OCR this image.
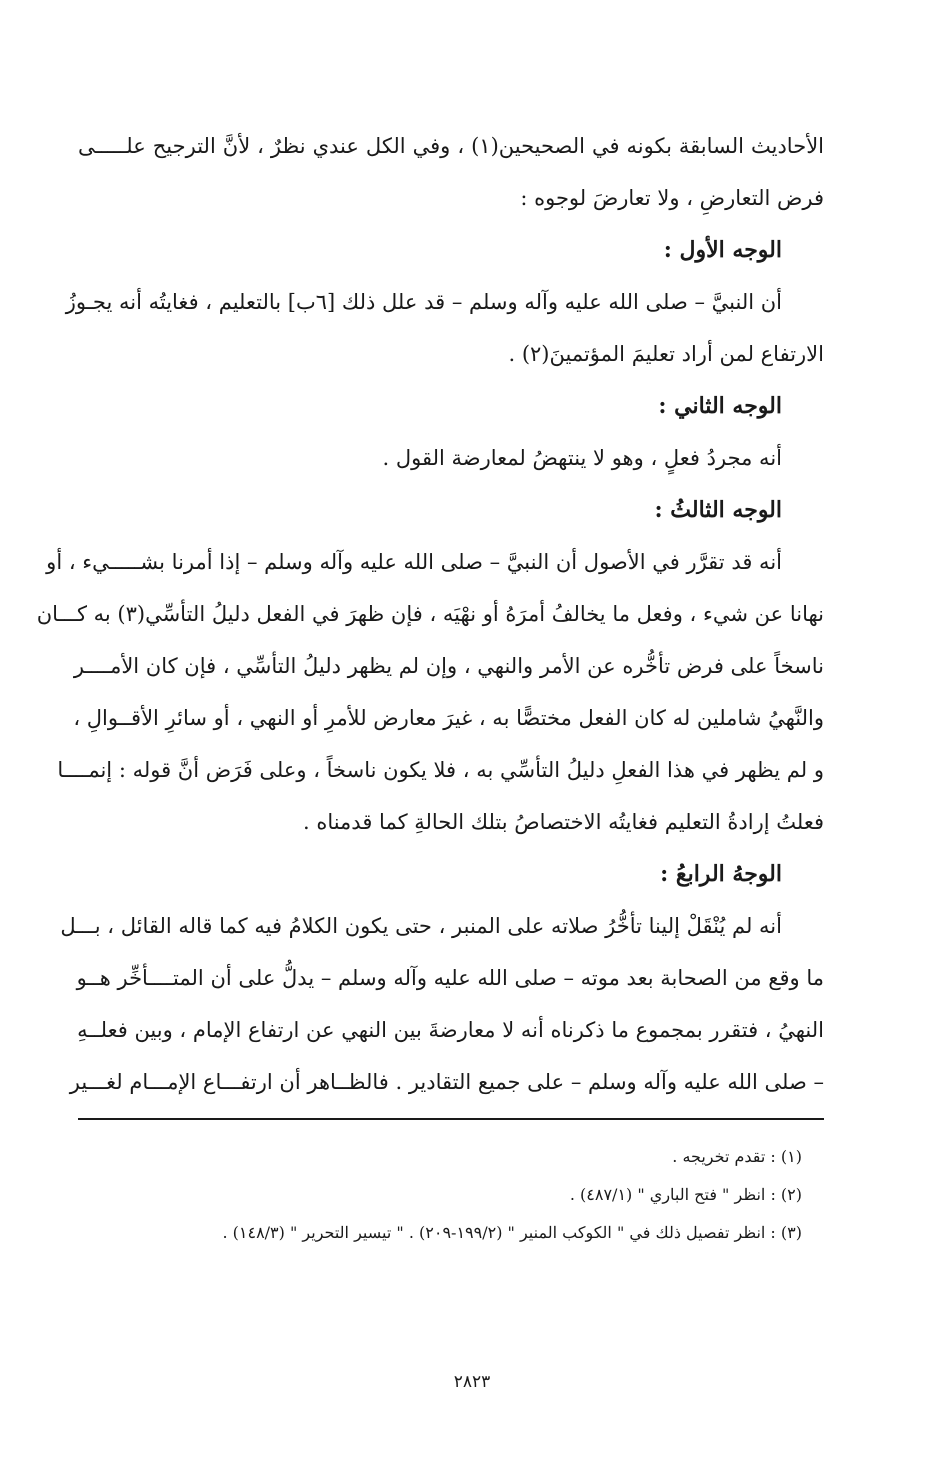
الأحاديث السابقة بكونه في الصحيحين(١) ، وفي الكل عندي نظرٌ ، لأنَّ الترجيح علـــــى
فرض التعارضِ ، ولا تعارضَ لوجوه :
الوجه الأول :
أن النبيَّ – صلى الله عليه وآله وسلم – قد علل ذلك [٦ب] بالتعليم ، فغايتُه أنه يجـوزُ
الارتفاع لمن أراد تعليمَ المؤتمينَ(٢) .
الوجه الثاني :
أنه مجردُ فعلٍ ، وهو لا ينتهضُ لمعارضة القول .
الوجه الثالثُ :
أنه قد تقرَّر في الأصول أن النبيَّ – صلى الله عليه وآله وسلم – إذا أمرنا بشـــــيء ، أو
نهانا عن شيء ، وفعل ما يخالفُ أمرَهُ أو نهْيَه ، فإن ظهرَ في الفعل دليلُ التأسِّي(٣) به كـــان
ناسخاً على فرض تأخُّره عن الأمر والنهي ، وإن لم يظهر دليلُ التأسِّي ، فإن كان الأمــــر
والنَّهيُ شاملين له كان الفعل مختصًّا به ، غيرَ معارض للأمرِ أو النهي ، أو سائرِ الأقــوالِ ،
و لم يظهر في هذا الفعلِ دليلُ التأسِّي به ، فلا يكون ناسخاً ، وعلى فَرَض أنَّ قوله : إنمــــا
فعلتُ إرادةُ التعليم فغايتُه الاختصاصُ بتلك الحالةِ كما قدمناه .
الوجهُ الرابعُ :
أنه لم يُنْقَلْ إلينا تأخُّرُ صلاته على المنبر ، حتى يكون الكلامُ فيه كما قاله القائل ، بـــل
ما وقع من الصحابة بعد موته – صلى الله عليه وآله وسلم – يدلُّ على أن المتــــأخِّر هــو
النهيُ ، فتقرر بمجموع ما ذكرناه أنه لا معارضةَ بين النهي عن ارتفاع الإمام ، وبين فعلــهِ
– صلى الله عليه وآله وسلم – على جميع التقادير . فالظــاهر أن ارتفـــاع الإمـــام لغـــير
(١) : تقدم تخريجه .
(٢) : انظر " فتح الباري " (٤٨٧/١) .
(٣) : انظر تفصيل ذلك في " الكوكب المنير " (١٩٩/٢-٢٠٩) . " تيسير التحرير " (١٤٨/٣) .
٢٨٢٣
